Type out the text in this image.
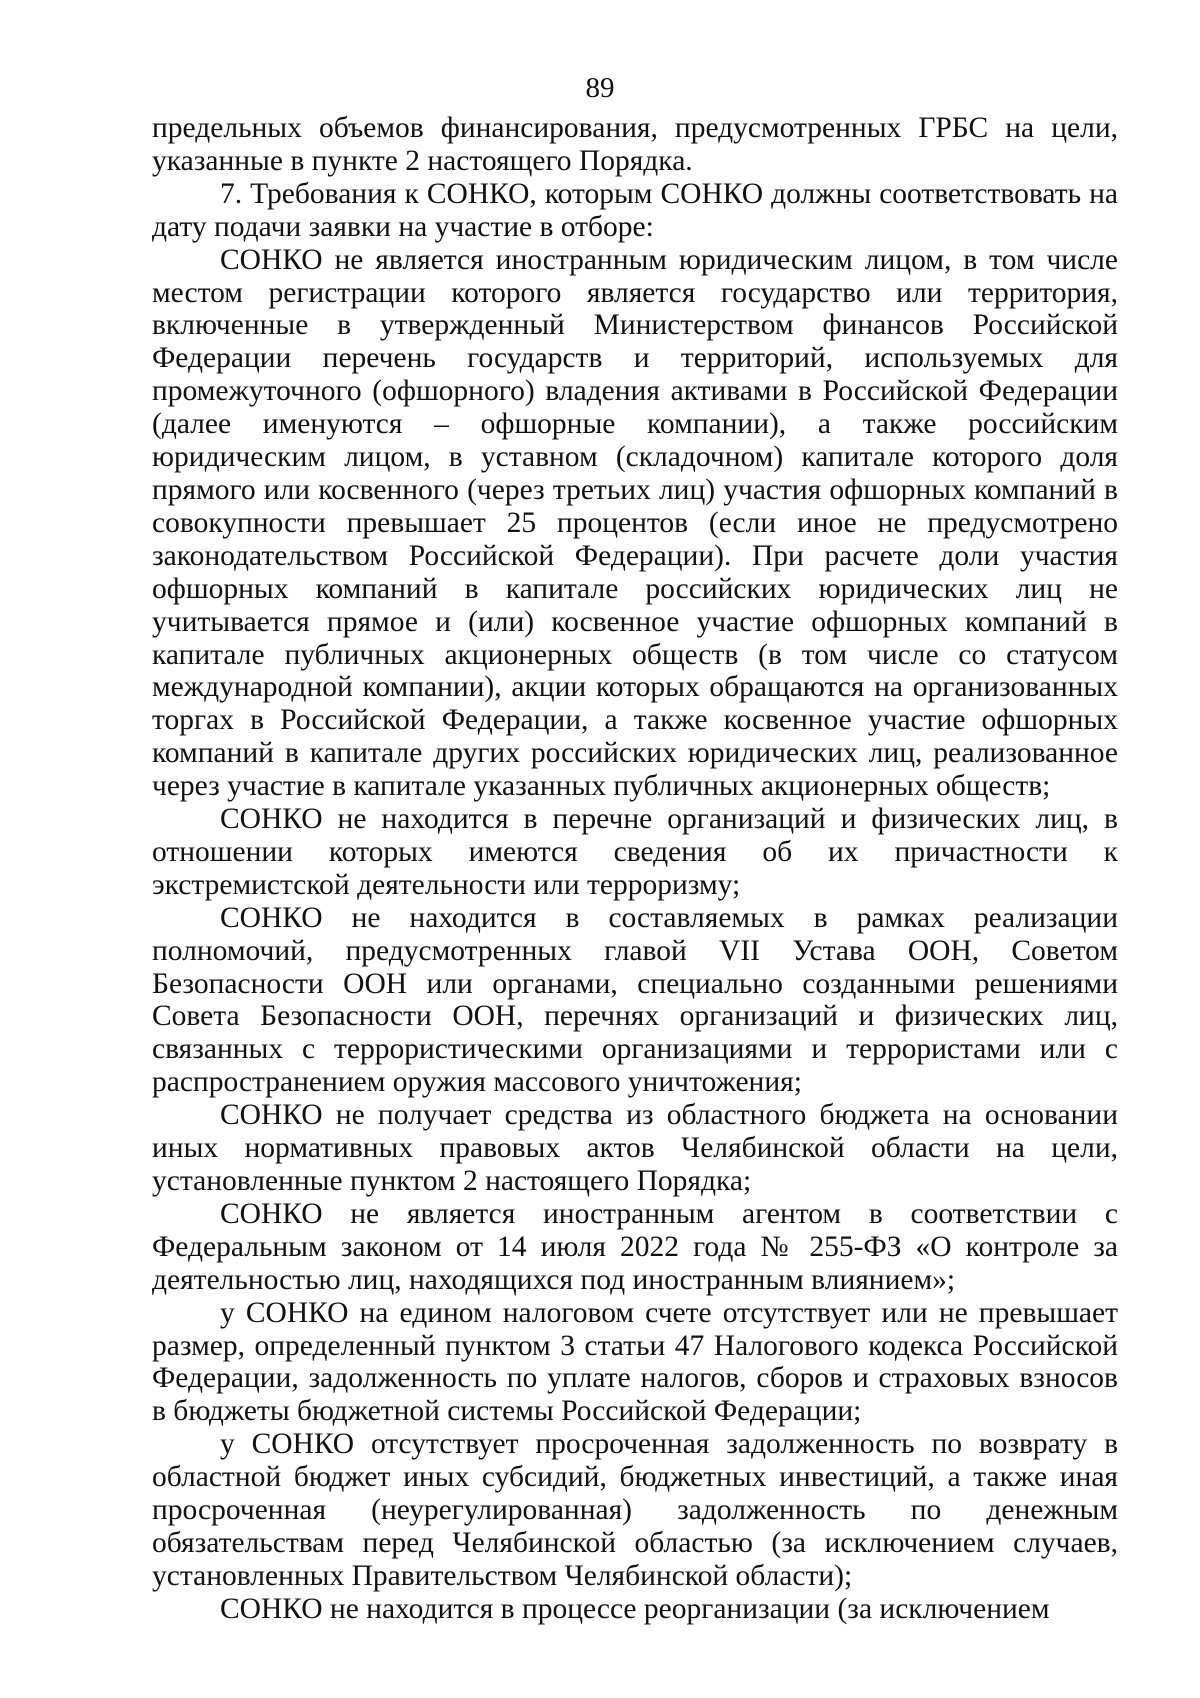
89

предельных объемов финансирования, предусмотренных ГРБС на цели, указанные в пункте 2 настоящего Порядка.

7. Требования к СОНКО, которым СОНКО должны соответствовать на дату подачи заявки на участие в отборе:

СОНКО не является иностранным юридическим лицом, в том числе местом регистрации которого является государство или территория, включенные в утвержденный Министерством финансов Российской Федерации перечень государств и территорий, используемых для промежуточного (офшорного) владения активами в Российской Федерации (далее именуются – офшорные компании), а также российским юридическим лицом, в уставном (складочном) капитале которого доля прямого или косвенного (через третьих лиц) участия офшорных компаний в совокупности превышает 25 процентов (если иное не предусмотрено законодательством Российской Федерации). При расчете доли участия офшорных компаний в капитале российских юридических лиц не учитывается прямое и (или) косвенное участие офшорных компаний в капитале публичных акционерных обществ (в том числе со статусом международной компании), акции которых обращаются на организованных торгах в Российской Федерации, а также косвенное участие офшорных компаний в капитале других российских юридических лиц, реализованное через участие в капитале указанных публичных акционерных обществ;

СОНКО не находится в перечне организаций и физических лиц, в отношении которых имеются сведения об их причастности к экстремистской деятельности или терроризму;

СОНКО не находится в составляемых в рамках реализации полномочий, предусмотренных главой VII Устава ООН, Советом Безопасности ООН или органами, специально созданными решениями Совета Безопасности ООН, перечнях организаций и физических лиц, связанных с террористическими организациями и террористами или с распространением оружия массового уничтожения;

СОНКО не получает средства из областного бюджета на основании иных нормативных правовых актов Челябинской области на цели, установленные пунктом 2 настоящего Порядка;

СОНКО не является иностранным агентом в соответствии с Федеральным законом от 14 июля 2022 года № 255-ФЗ «О контроле за деятельностью лиц, находящихся под иностранным влиянием»;

у СОНКО на едином налоговом счете отсутствует или не превышает размер, определенный пунктом 3 статьи 47 Налогового кодекса Российской Федерации, задолженность по уплате налогов, сборов и страховых взносов в бюджеты бюджетной системы Российской Федерации;

у СОНКО отсутствует просроченная задолженность по возврату в областной бюджет иных субсидий, бюджетных инвестиций, а также иная просроченная (неурегулированная) задолженность по денежным обязательствам перед Челябинской областью (за исключением случаев, установленных Правительством Челябинской области);

СОНКО не находится в процессе реорганизации (за исключением
